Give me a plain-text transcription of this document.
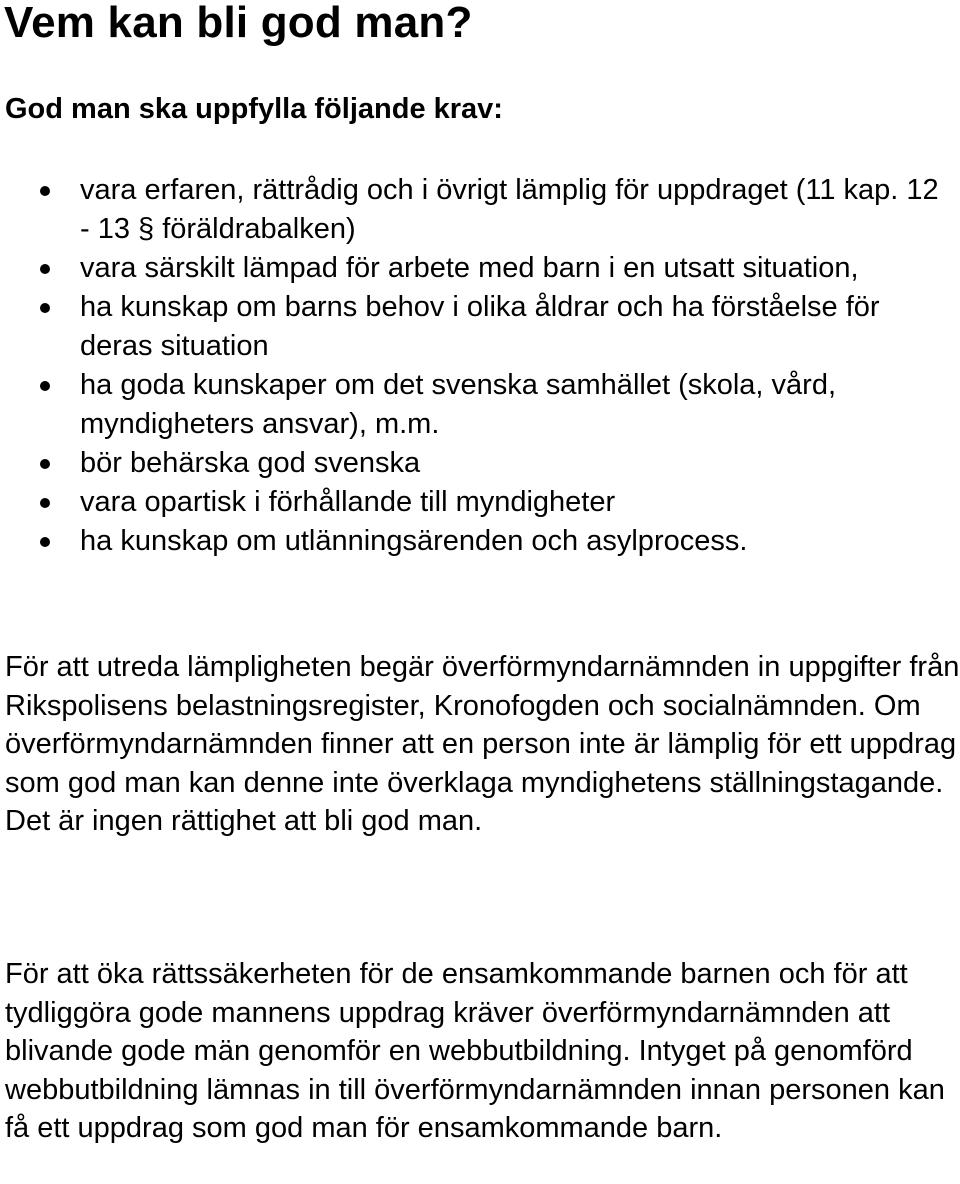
Vem kan bli god man?
God man ska uppfylla följande krav:
vara erfaren, rättrådig och i övrigt lämplig för uppdraget (11 kap. 12 - 13 § föräldrabalken)
vara särskilt lämpad för arbete med barn i en utsatt situation,
ha kunskap om barns behov i olika åldrar och ha förståelse för deras situation
ha goda kunskaper om det svenska samhället (skola, vård, myndigheters ansvar), m.m.
bör behärska god svenska
vara opartisk i förhållande till myndigheter
ha kunskap om utlänningsärenden och asylprocess.

För att utreda lämpligheten begär överförmyndarnämnden in uppgifter från Rikspolisens belastningsregister, Kronofogden och socialnämnden. Om överförmyndarnämnden finner att en person inte är lämplig för ett uppdrag som god man kan denne inte överklaga myndighetens ställningstagande. Det är ingen rättighet att bli god man.

För att öka rättssäkerheten för de ensamkommande barnen och för att tydliggöra gode mannens uppdrag kräver överförmyndarnämnden att blivande gode män genomför en webbutbildning. Intyget på genomförd webbutbildning lämnas in till överförmyndarnämnden innan personen kan få ett uppdrag som god man för ensamkommande barn.
